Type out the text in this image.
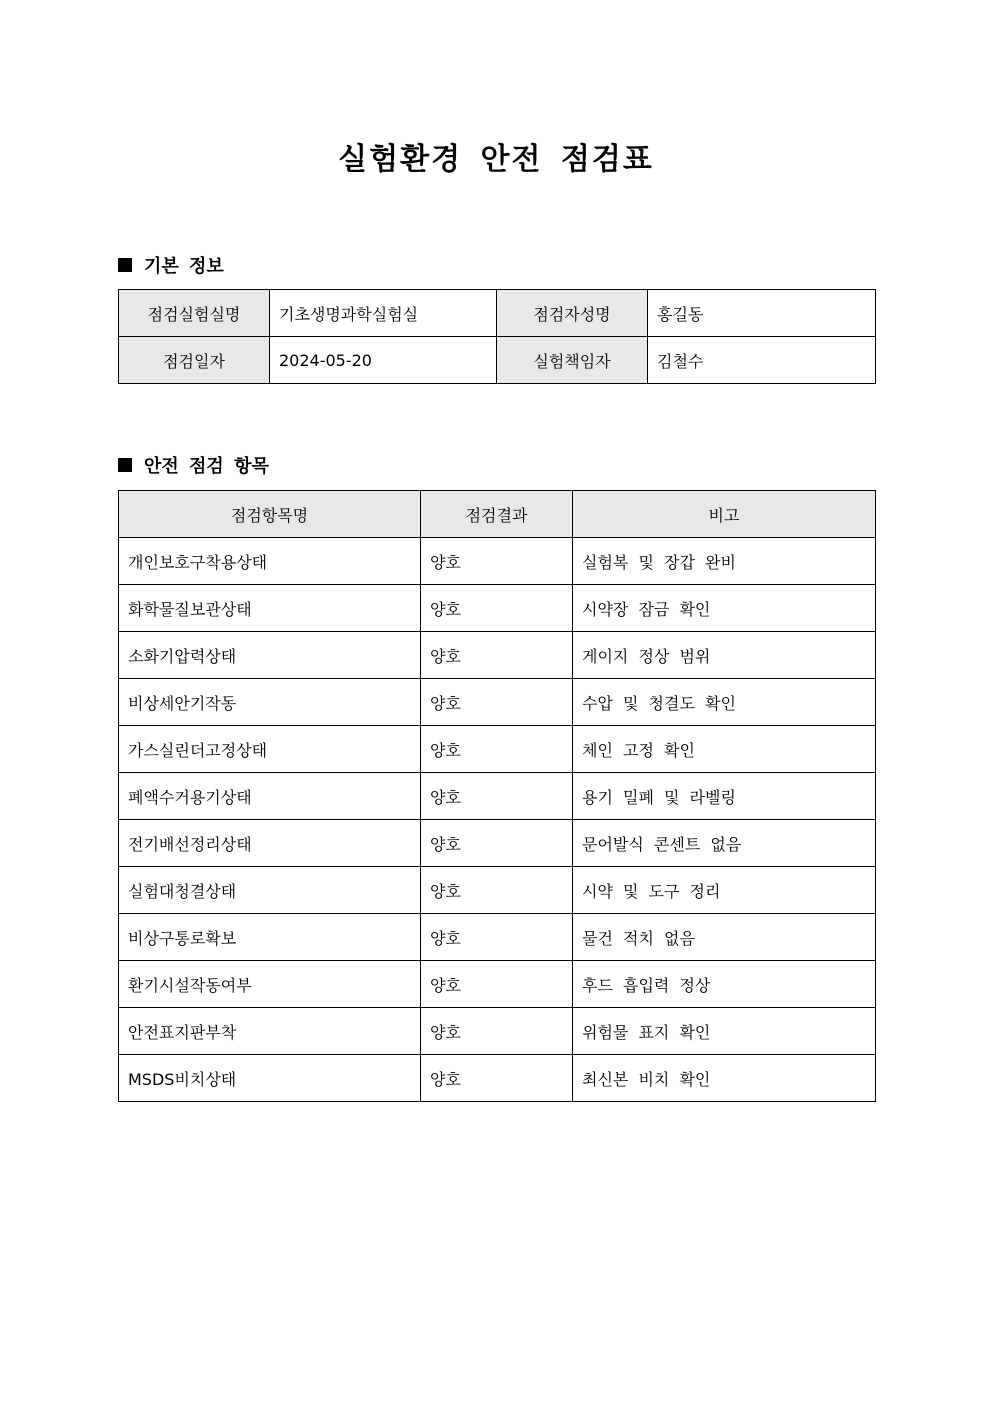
실험환경 안전 점검표
기본 정보
점검실험실명	기초생명과학실험실	점검자성명	홍길동
점검일자	2024-05-20	실험책임자	김철수
안전 점검 항목
점검항목명	점검결과	비고
개인보호구착용상태	양호	실험복 및 장갑 완비
화학물질보관상태	양호	시약장 잠금 확인
소화기압력상태	양호	게이지 정상 범위
비상세안기작동	양호	수압 및 청결도 확인
가스실린더고정상태	양호	체인 고정 확인
폐액수거용기상태	양호	용기 밀폐 및 라벨링
전기배선정리상태	양호	문어발식 콘센트 없음
실험대청결상태	양호	시약 및 도구 정리
비상구통로확보	양호	물건 적치 없음
환기시설작동여부	양호	후드 흡입력 정상
안전표지판부착	양호	위험물 표지 확인
MSDS비치상태	양호	최신본 비치 확인
